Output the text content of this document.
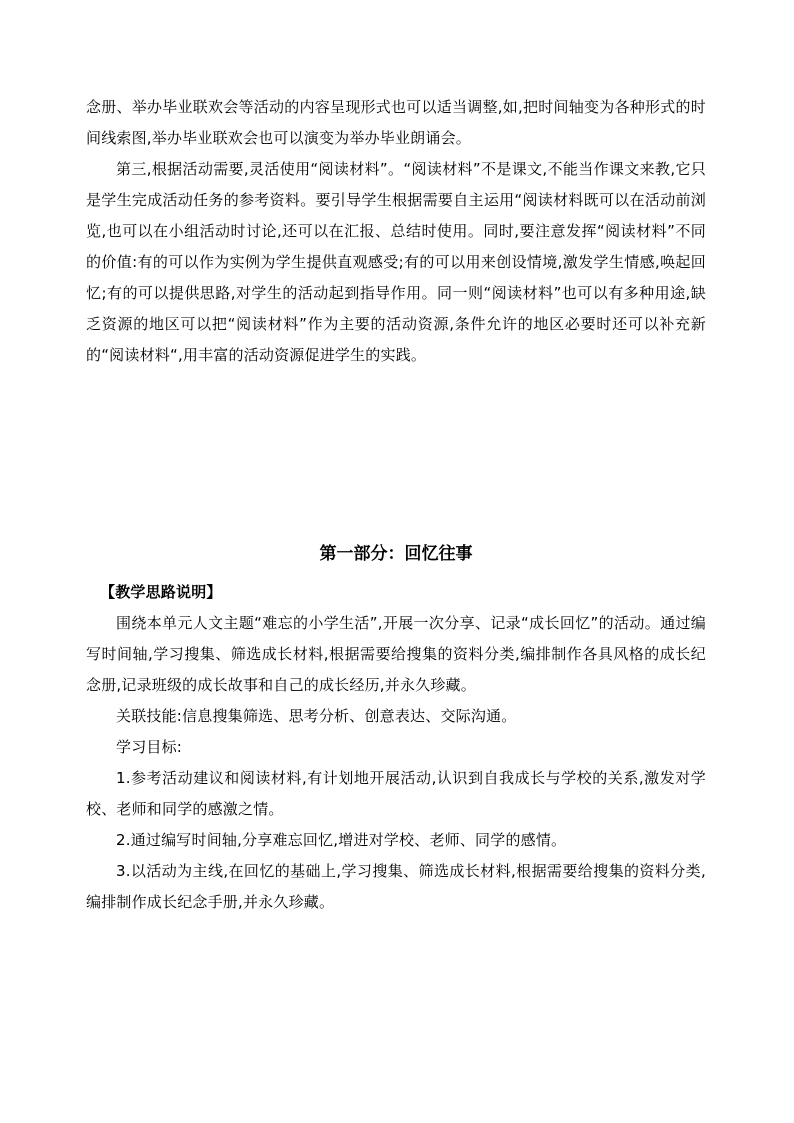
念册、举办毕业联欢会等活动的内容呈现形式也可以适当调整,如,把时间轴变为各种形式的时间线索图,举办毕业联欢会也可以演变为举办毕业朗诵会。

第三,根据活动需要,灵活使用“阅读材料”。“阅读材料”不是课文,不能当作课文来教,它只是学生完成活动任务的参考资料。要引导学生根据需要自主运用“阅读材料既可以在活动前浏览,也可以在小组活动时讨论,还可以在汇报、总结时使用。同时,要注意发挥“阅读材料”不同的价值:有的可以作为实例为学生提供直观感受;有的可以用来创设情境,激发学生情感,唤起回忆;有的可以提供思路,对学生的活动起到指导作用。同一则“阅读材料”也可以有多种用途,缺乏资源的地区可以把“阅读材料”作为主要的活动资源,条件允许的地区必要时还可以补充新的“阅读材料“,用丰富的活动资源促进学生的实践。

第一部分：回忆往事

【教学思路说明】

围绕本单元人文主题“难忘的小学生活”,开展一次分享、记录“成长回忆”的活动。通过编写时间轴,学习搜集、筛选成长材料,根据需要给搜集的资料分类,编排制作各具风格的成长纪念册,记录班级的成长故事和自己的成长经历,并永久珍藏。

关联技能:信息搜集筛选、思考分析、创意表达、交际沟通。

学习目标:

1.参考活动建议和阅读材料,有计划地开展活动,认识到自我成长与学校的关系,激发对学校、老师和同学的感激之情。

2.通过编写时间轴,分享难忘回忆,增进对学校、老师、同学的感情。

3.以活动为主线,在回忆的基础上,学习搜集、筛选成长材料,根据需要给搜集的资料分类,编排制作成长纪念手册,并永久珍藏。
